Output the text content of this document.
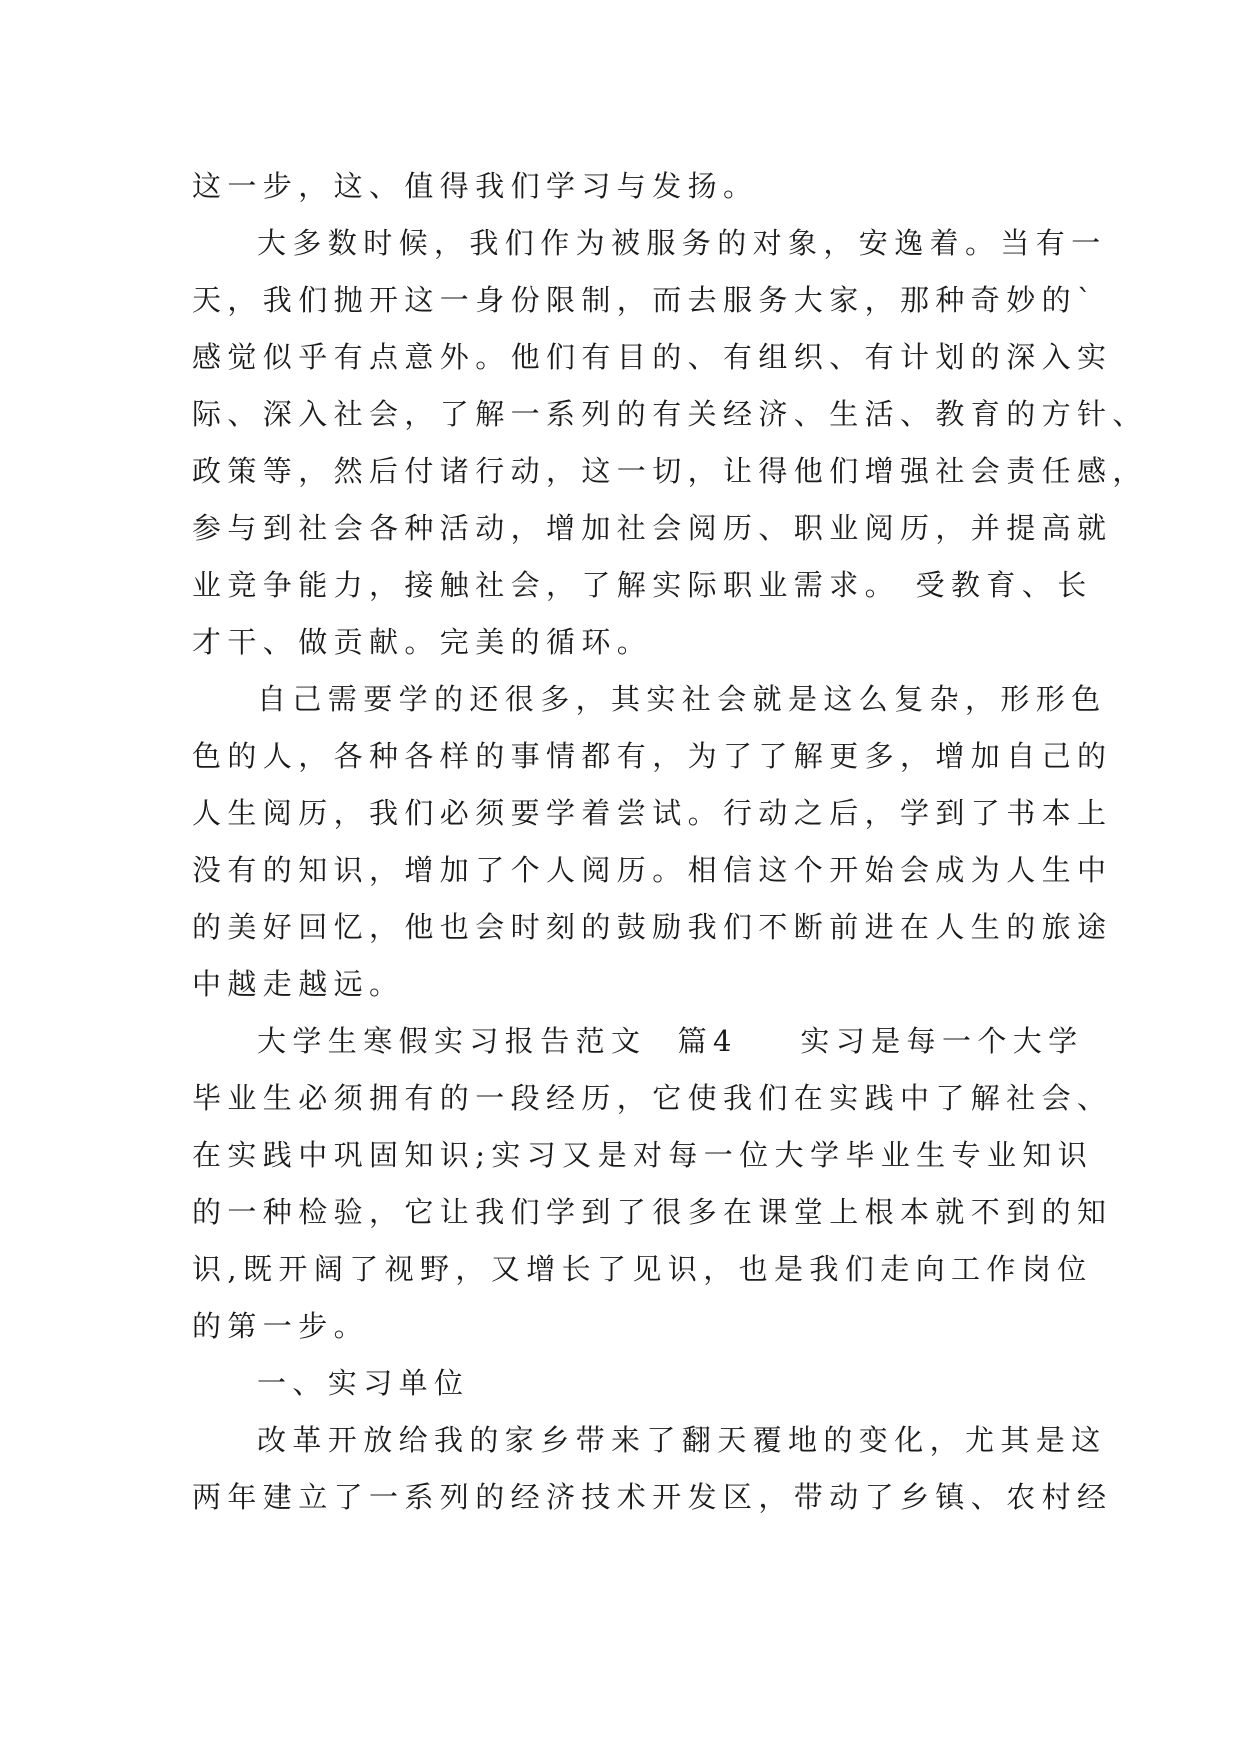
这一步，这、值得我们学习与发扬。
大多数时候，我们作为被服务的对象，安逸着。当有一
天，我们抛开这一身份限制，而去服务大家，那种奇妙的`
感觉似乎有点意外。他们有目的、有组织、有计划的深入实
际、深入社会，了解一系列的有关经济、生活、教育的方针、
政策等，然后付诸行动，这一切，让得他们增强社会责任感，
参与到社会各种活动，增加社会阅历、职业阅历，并提高就
业竞争能力，接触社会，了解实际职业需求。 受教育、长
才干、做贡献。完美的循环。
自己需要学的还很多，其实社会就是这么复杂，形形色
色的人，各种各样的事情都有，为了了解更多，增加自己的
人生阅历，我们必须要学着尝试。行动之后，学到了书本上
没有的知识，增加了个人阅历。相信这个开始会成为人生中
的美好回忆，他也会时刻的鼓励我们不断前进在人生的旅途
中越走越远。
大学生寒假实习报告范文  篇4    实习是每一个大学
毕业生必须拥有的一段经历，它使我们在实践中了解社会、
在实践中巩固知识;实习又是对每一位大学毕业生专业知识
的一种检验，它让我们学到了很多在课堂上根本就不到的知
识,既开阔了视野，又增长了见识，也是我们走向工作岗位
的第一步。
一、实习单位
改革开放给我的家乡带来了翻天覆地的变化，尤其是这
两年建立了一系列的经济技术开发区，带动了乡镇、农村经
